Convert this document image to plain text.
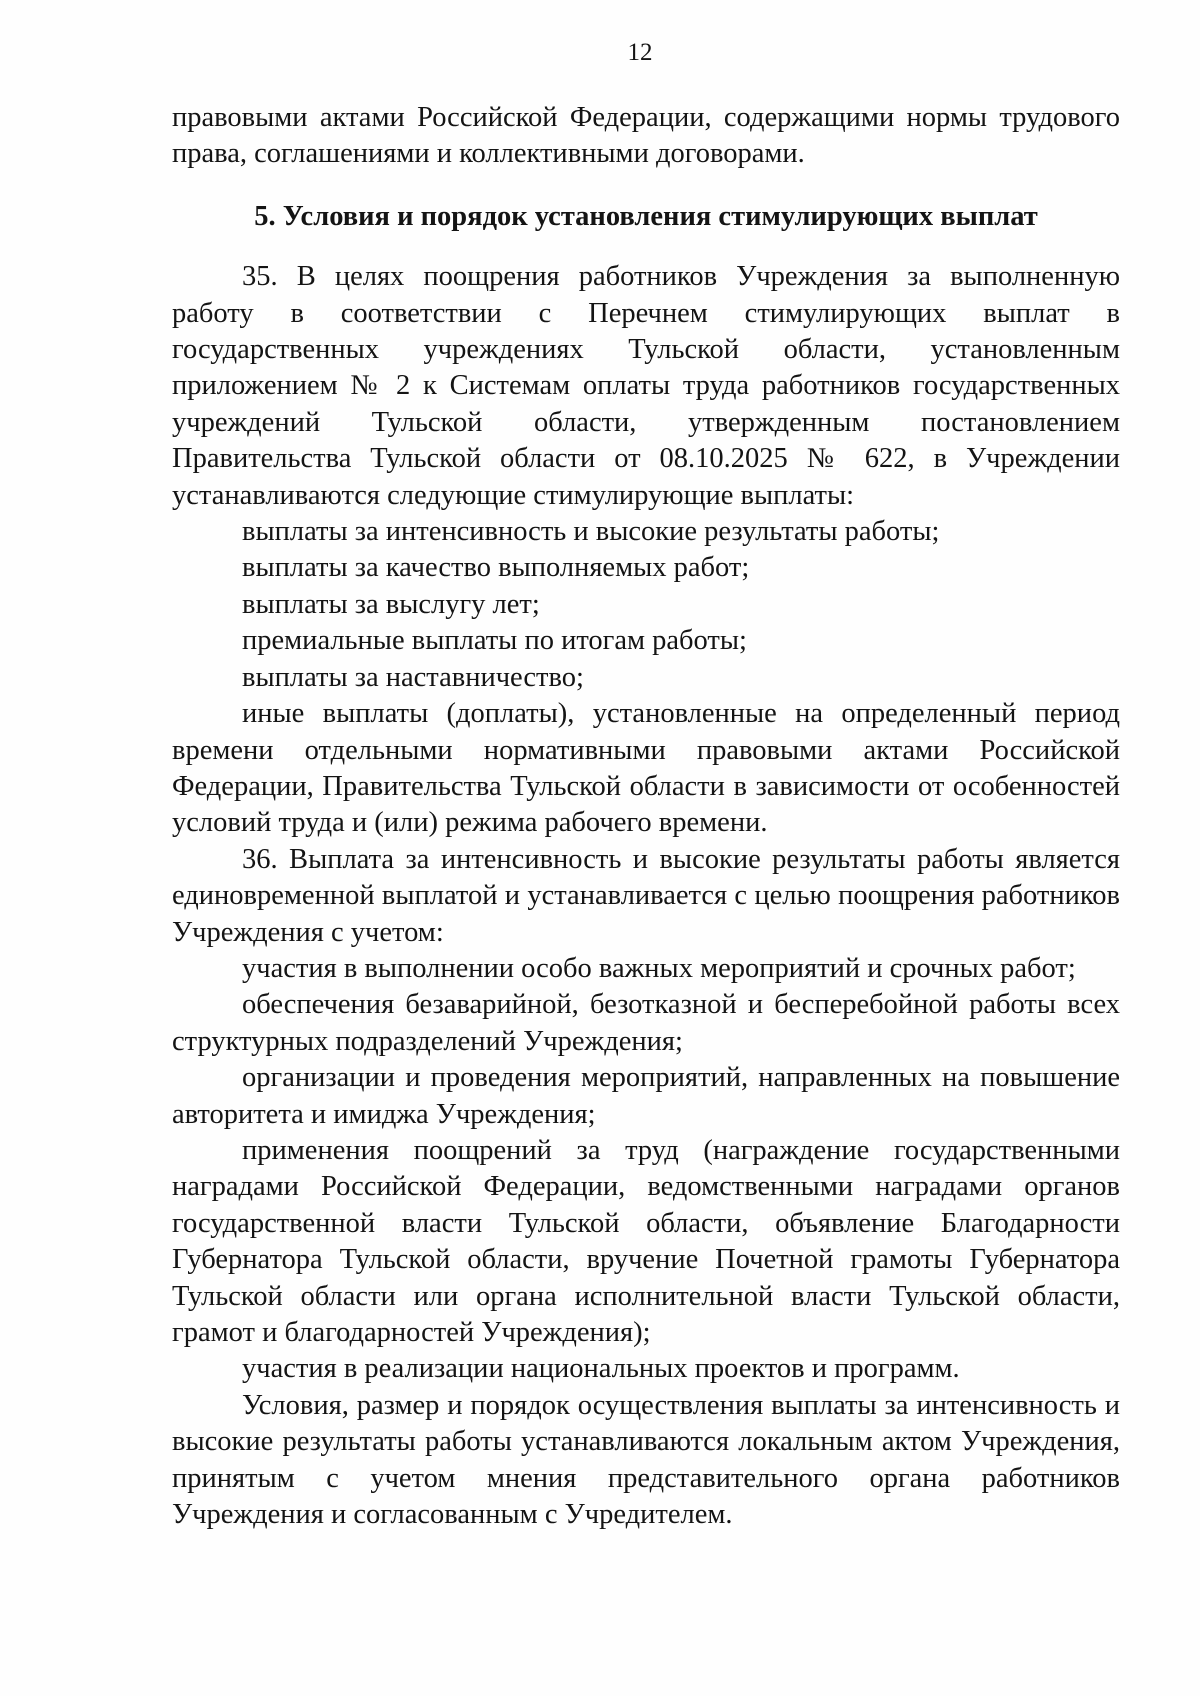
12

правовыми актами Российской Федерации, содержащими нормы трудового права, соглашениями и коллективными договорами.

5. Условия и порядок установления стимулирующих выплат

35. В целях поощрения работников Учреждения за выполненную работу в соответствии с Перечнем стимулирующих выплат в государственных учреждениях Тульской области, установленным приложением № 2 к Системам оплаты труда работников государственных учреждений Тульской области, утвержденным постановлением Правительства Тульской области от 08.10.2025 № 622, в Учреждении устанавливаются следующие стимулирующие выплаты:

выплаты за интенсивность и высокие результаты работы;

выплаты за качество выполняемых работ;

выплаты за выслугу лет;

премиальные выплаты по итогам работы;

выплаты за наставничество;

иные выплаты (доплаты), установленные на определенный период времени отдельными нормативными правовыми актами Российской Федерации, Правительства Тульской области в зависимости от особенностей условий труда и (или) режима рабочего времени.

36. Выплата за интенсивность и высокие результаты работы является единовременной выплатой и устанавливается с целью поощрения работников Учреждения с учетом:

участия в выполнении особо важных мероприятий и срочных работ;

обеспечения безаварийной, безотказной и бесперебойной работы всех структурных подразделений Учреждения;

организации и проведения мероприятий, направленных на повышение авторитета и имиджа Учреждения;

применения поощрений за труд (награждение государственными наградами Российской Федерации, ведомственными наградами органов государственной власти Тульской области, объявление Благодарности Губернатора Тульской области, вручение Почетной грамоты Губернатора Тульской области или органа исполнительной власти Тульской области, грамот и благодарностей Учреждения);

участия в реализации национальных проектов и программ.

Условия, размер и порядок осуществления выплаты за интенсивность и высокие результаты работы устанавливаются локальным актом Учреждения, принятым с учетом мнения представительного органа работников Учреждения и согласованным с Учредителем.
